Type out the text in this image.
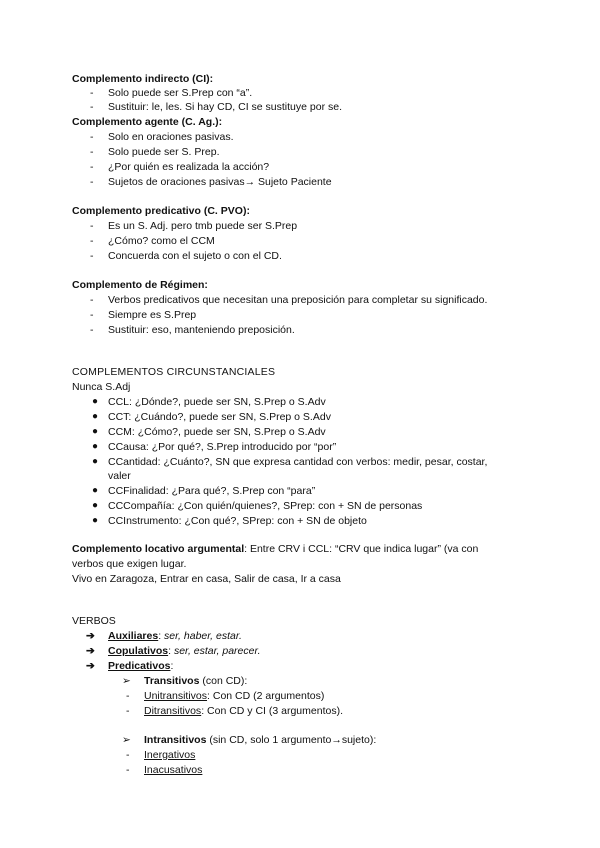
Complemento indirecto (CI):
- Solo puede ser S.Prep con “a”.
- Sustituir: le, les. Si hay CD, CI se sustituye por se.
Complemento agente (C. Ag.):
- Solo en oraciones pasivas.
- Solo puede ser S. Prep.
- ¿Por quién es realizada la acción?
- Sujetos de oraciones pasivas→ Sujeto Paciente
Complemento predicativo (C. PVO):
- Es un S. Adj. pero tmb puede ser S.Prep
- ¿Cómo? como el CCM
- Concuerda con el sujeto o con el CD.
Complemento de Régimen:
- Verbos predicativos que necesitan una preposición para completar su significado.
- Siempre es S.Prep
- Sustituir: eso, manteniendo preposición.
COMPLEMENTOS CIRCUNSTANCIALES
Nunca S.Adj
● CCL: ¿Dónde?, puede ser SN, S.Prep o S.Adv
● CCT: ¿Cuándo?, puede ser SN, S.Prep o S.Adv
● CCM: ¿Cómo?, puede ser SN, S.Prep o S.Adv
● CCausa: ¿Por qué?, S.Prep introducido por “por”
● CCantidad: ¿Cuánto?, SN que expresa cantidad con verbos: medir, pesar, costar,
valer
● CCFinalidad: ¿Para qué?, S.Prep con “para”
● CCCompañía: ¿Con quién/quienes?, SPrep: con + SN de personas
● CCInstrumento: ¿Con qué?, SPrep: con + SN de objeto
Complemento locativo argumental: Entre CRV i CCL: “CRV que indica lugar” (va con
verbos que exigen lugar.
Vivo en Zaragoza, Entrar en casa, Salir de casa, Ir a casa
VERBOS
➔ Auxiliares: ser, haber, estar.
➔ Copulativos: ser, estar, parecer.
➔ Predicativos:
➢ Transitivos (con CD):
- Unitransitivos: Con CD (2 argumentos)
- Ditransitivos: Con CD y CI (3 argumentos).
➢ Intransitivos (sin CD, solo 1 argumento→sujeto):
- Inergativos
- Inacusativos
